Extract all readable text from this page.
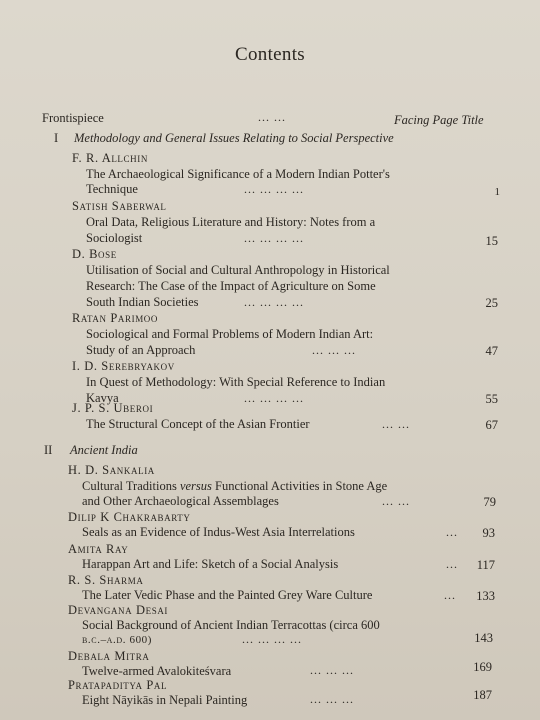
Contents
Frontispiece	... ...	Facing Page Title
I Methodology and General Issues Relating to Social Perspective
F. R. Allchin
The Archaeological Significance of a Modern Indian Potter's
Technique	... ... ... ...	1
Satish Saberwal
Oral Data, Religious Literature and History: Notes from a
Sociologist	... ... ... ...	15
D. Bose
Utilisation of Social and Cultural Anthropology in Historical
Research: The Case of the Impact of Agriculture on Some
South Indian Societies	... ... ... ...	25
Ratan Parimoo
Sociological and Formal Problems of Modern Indian Art:
Study of an Approach	... ... ...	47
I. D. Serebryakov
In Quest of Methodology: With Special Reference to Indian
Kavya	... ... ... ...	55
J. P. S. Uberoi
The Structural Concept of the Asian Frontier	... ...	67
II Ancient India
H. D. Sankalia
Cultural Traditions versus Functional Activities in Stone Age
and Other Archaeological Assemblages	... ...	79
Dilip K Chakrabarty
Seals as an Evidence of Indus-West Asia Interrelations	...	93
Amita Ray
Harappan Art and Life: Sketch of a Social Analysis	...	117
R. S. Sharma
The Later Vedic Phase and the Painted Grey Ware Culture	...	133
Devangana Desai
Social Background of Ancient Indian Terracottas (circa 600
b.c.–a.d. 600)	... ... ... ...	143
Debala Mitra
Twelve-armed Avalokiteśvara	... ... ...	169
Pratapaditya Pal
Eight Nāyikās in Nepali Painting	... ... ...	187
